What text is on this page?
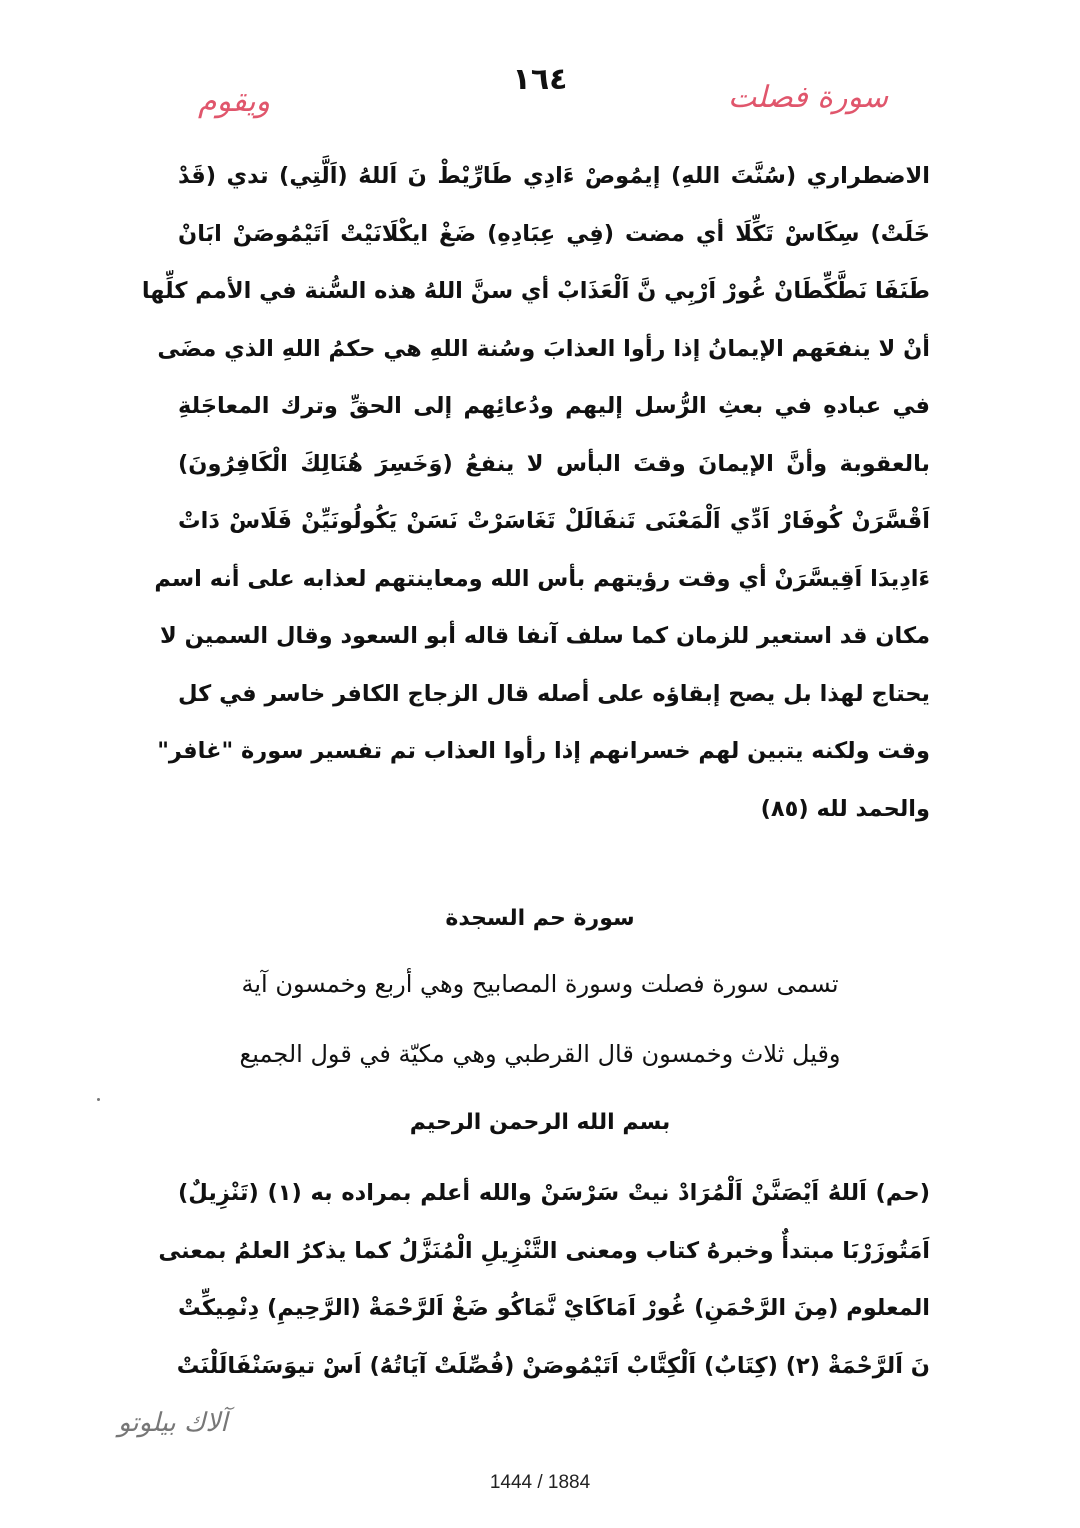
١٦٤
ويقوم	سورة فصلت
الاضطراري (سُنَّتَ اللهِ) إيمُوصْ ءَادِي طَارِّيْطْ نَ اَللهُ (اَلَّتِي) تدي (قَدْ
خَلَتْ) سِكَاسْ تَكِّلَا أي مضت (فِي عِبَادِهِ) ضَغْ ايكْلَانَيْتْ اَتَيْمُوصَنْ ابَانْ
طَنَفَا نَطَّكِّطَانْ غُورْ اَرْبِي نَّ اَلْعَذَابْ أي سنَّ اللهُ هذه السُّنة في الأمم كلِّها
أنْ لا ينفعَهم الإيمانُ إذا رأوا العذابَ وسُنة اللهِ هي حكمُ اللهِ الذي مضَى
في عبادهِ في بعثِ الرُّسل إليهم ودُعائِهم إلى الحقِّ وترك المعاجَلةِ
بالعقوبة وأنَّ الإيمانَ وقتَ البأس لا ينفعُ (وَخَسِرَ هُنَالِكَ الْكَافِرُونَ)
اَقْسَّرَنْ كُوفَارْ اَدِّي اَلْمَعْنَى تَنفَالَلْ تَغَاسَرْتْ نَسَنْ يَكُولُونَيِّنْ فَلَاسْ دَاتْ
ءَادِيدَا اَقِيسَّرَنْ أي وقت رؤيتهم بأس الله ومعاينتهم لعذابه على أنه اسم
مكان قد استعير للزمان كما سلف آنفا قاله أبو السعود وقال السمين لا
يحتاج لهذا بل يصح إبقاؤه على أصله قال الزجاج الكافر خاسر في كل
وقت ولكنه يتبين لهم خسرانهم إذا رأوا العذاب تم تفسير سورة "غافر"
والحمد لله (٨٥)
سورة حم السجدة
تسمى سورة فصلت وسورة المصابيح وهي أربع وخمسون آية
وقيل ثلاث وخمسون قال القرطبي وهي مكيّة في قول الجميع
بسم الله الرحمن الرحيم
(حم) اَللهُ اَيْصَنَّنْ اَلْمُرَادْ نيتْ سَرْسَنْ والله أعلم بمراده به (١) (تَنْزِيلٌ)
اَمَتُوزَرْبَا مبتدأٌ وخبرهُ كتاب ومعنى التَّنْزِيلِ الْمُنَزَّلُ كما يذكرُ العلمُ بمعنى
المعلوم (مِنَ الرَّحْمَنِ) غُورْ اَمَاكَايْ نَّمَاكُو ضَغْ اَلرَّحْمَةْ (الرَّحِيمِ) دِنْمِيكِّتْ
نَ اَلرَّحْمَةْ (٢) (كِتَابٌ) اَلْكِتَّابْ اَتَيْمُوصَنْ (فُصِّلَتْ آيَاتُهُ) اَسْ تيوَسَنْفَالَلْنَتْ
آلاك بيلوتو
1444 / 1884
